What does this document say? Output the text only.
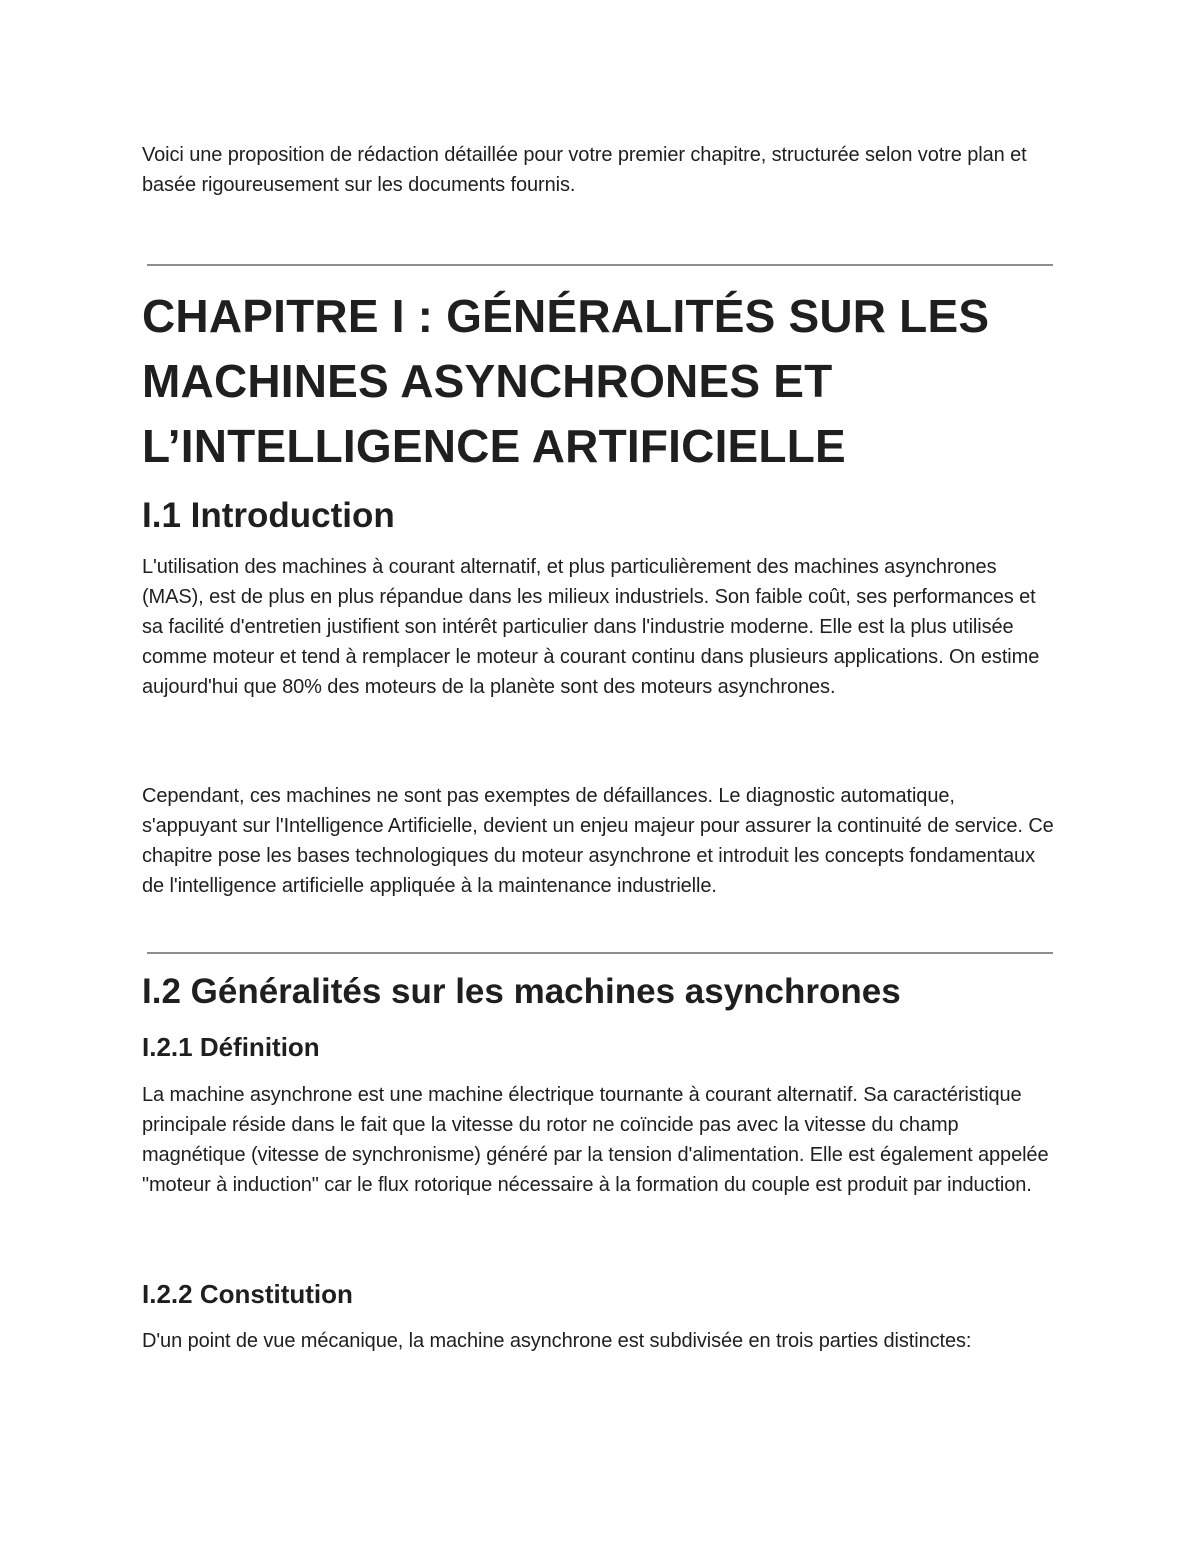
Voici une proposition de rédaction détaillée pour votre premier chapitre, structurée selon votre plan et basée rigoureusement sur les documents fournis.

CHAPITRE I : GÉNÉRALITÉS SUR LES MACHINES ASYNCHRONES ET L’INTELLIGENCE ARTIFICIELLE
I.1 Introduction

L'utilisation des machines à courant alternatif, et plus particulièrement des machines asynchrones (MAS), est de plus en plus répandue dans les milieux industriels. Son faible coût, ses performances et sa facilité d'entretien justifient son intérêt particulier dans l'industrie moderne. Elle est la plus utilisée comme moteur et tend à remplacer le moteur à courant continu dans plusieurs applications. On estime aujourd'hui que 80% des moteurs de la planète sont des moteurs asynchrones.

Cependant, ces machines ne sont pas exemptes de défaillances. Le diagnostic automatique, s'appuyant sur l'Intelligence Artificielle, devient un enjeu majeur pour assurer la continuité de service. Ce chapitre pose les bases technologiques du moteur asynchrone et introduit les concepts fondamentaux de l'intelligence artificielle appliquée à la maintenance industrielle.

I.2 Généralités sur les machines asynchrones
I.2.1 Définition

La machine asynchrone est une machine électrique tournante à courant alternatif. Sa caractéristique principale réside dans le fait que la vitesse du rotor ne coïncide pas avec la vitesse du champ magnétique (vitesse de synchronisme) généré par la tension d'alimentation. Elle est également appelée "moteur à induction" car le flux rotorique nécessaire à la formation du couple est produit par induction.

I.2.2 Constitution

D'un point de vue mécanique, la machine asynchrone est subdivisée en trois parties distinctes:
